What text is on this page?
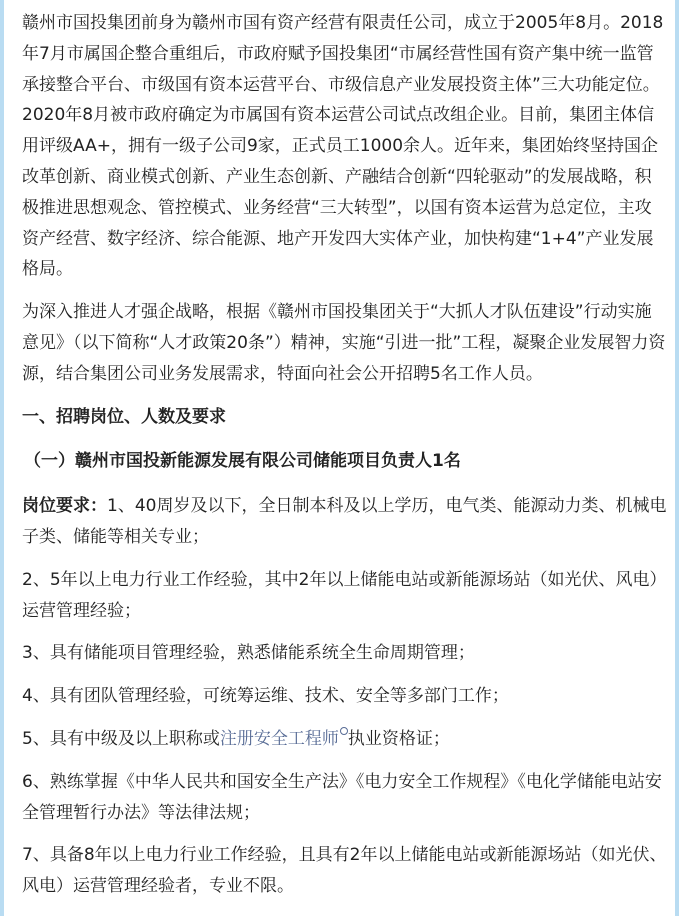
赣州市国投集团前身为赣州市国有资产经营有限责任公司，成立于2005年8月。2018年7月市属国企整合重组后，市政府赋予国投集团“市属经营性国有资产集中统一监管承接整合平台、市级国有资本运营平台、市级信息产业发展投资主体”三大功能定位。2020年8月被市政府确定为市属国有资本运营公司试点改组企业。目前，集团主体信用评级AA+，拥有一级子公司9家，正式员工1000余人。近年来，集团始终坚持国企改革创新、商业模式创新、产业生态创新、产融结合创新“四轮驱动”的发展战略，积极推进思想观念、管控模式、业务经营“三大转型”，以国有资本运营为总定位，主攻资产经营、数字经济、综合能源、地产开发四大实体产业，加快构建“1+4”产业发展格局。

为深入推进人才强企战略，根据《赣州市国投集团关于“大抓人才队伍建设”行动实施意见》（以下简称“人才政策20条”）精神，实施“引进一批”工程，凝聚企业发展智力资源，结合集团公司业务发展需求，特面向社会公开招聘5名工作人员。

一、招聘岗位、人数及要求

（一）赣州市国投新能源发展有限公司储能项目负责人1名

岗位要求：1、40周岁及以下，全日制本科及以上学历，电气类、能源动力类、机械电子类、储能等相关专业；

2、5年以上电力行业工作经验，其中2年以上储能电站或新能源场站（如光伏、风电）运营管理经验；

3、具有储能项目管理经验，熟悉储能系统全生命周期管理；

4、具有团队管理经验，可统筹运维、技术、安全等多部门工作；

5、具有中级及以上职称或注册安全工程师 执业资格证；

6、熟练掌握《中华人民共和国安全生产法》《电力安全工作规程》《电化学储能电站安全管理暂行办法》等法律法规；

7、具备8年以上电力行业工作经验，且具有2年以上储能电站或新能源场站（如光伏、风电）运营管理经验者，专业不限。
